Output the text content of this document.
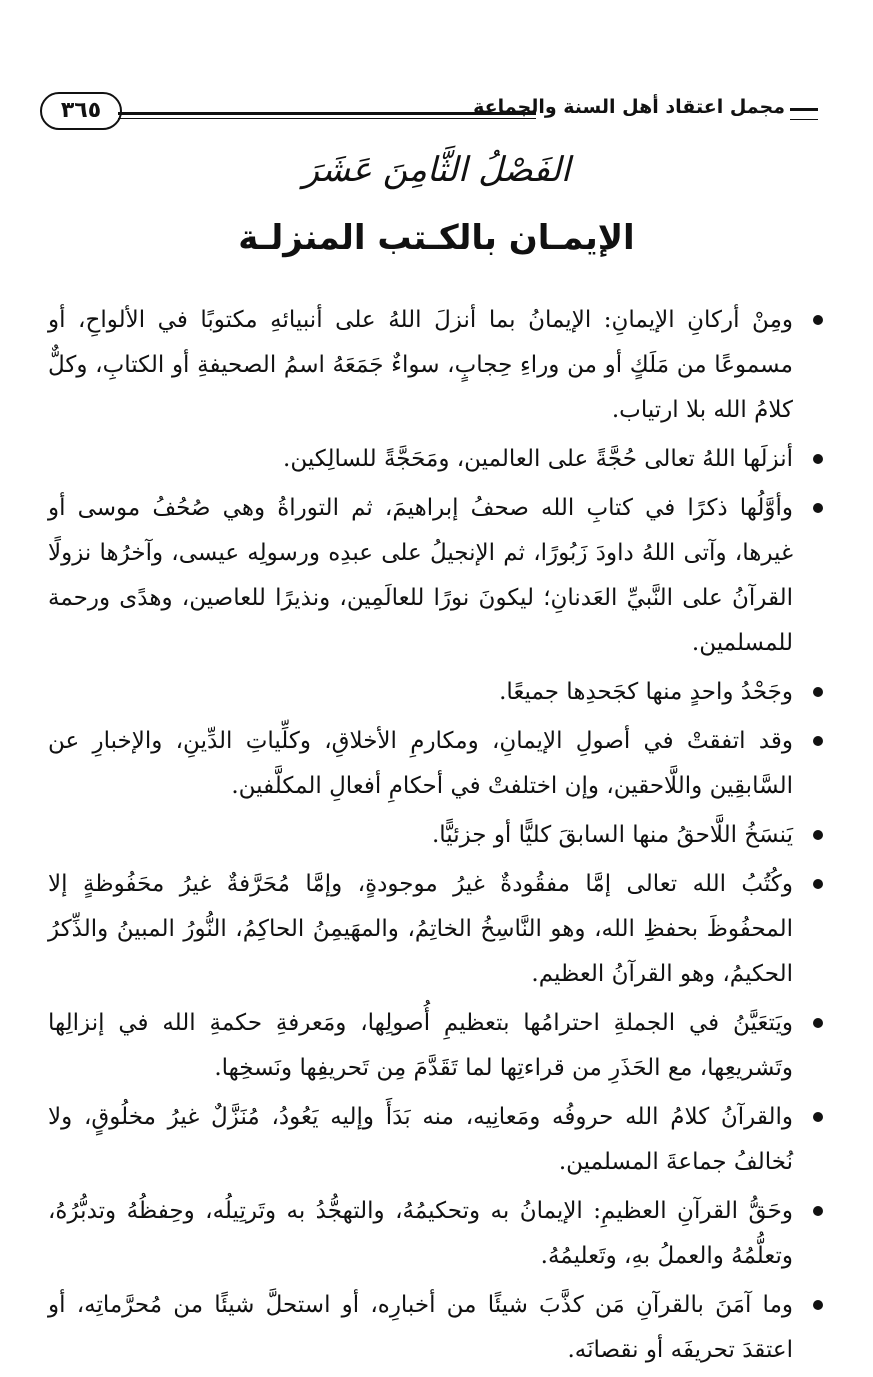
٣٦٥	مجمل اعتقاد أهل السنة والجماعة
الفَصْلُ الثَّامِنَ عَشَرَ
الإيمـان بالكـتب المنزلـة
ومِنْ أركانِ الإيمانِ: الإيمانُ بما أنزلَ اللهُ على أنبيائهِ مكتوبًا في الألواحِ، أو مسموعًا من مَلَكٍ أو من وراءِ حِجابٍ، سواءٌ جَمَعَهُ اسمُ الصحيفةِ أو الكتابِ، وكلٌّ كلامُ الله بلا ارتياب.
أنزلَها اللهُ تعالى حُجَّةً على العالمين، ومَحَجَّةً للسالِكين.
وأوَّلُها ذكرًا في كتابِ الله صحفُ إبراهيمَ، ثم التوراةُ وهي صُحُفُ موسى أو غيرها، وآتى اللهُ داودَ زَبُورًا، ثم الإنجيلُ على عبدِه ورسولِه عيسى، وآخرُها نزولًا القرآنُ على النَّبيِّ العَدنانِ؛ ليكونَ نورًا للعالَمِين، ونذيرًا للعاصين، وهدًى ورحمة للمسلمين.
وجَحْدُ واحدٍ منها كجَحدِها جميعًا.
وقد اتفقتْ في أصولِ الإيمانِ، ومكارمِ الأخلاقِ، وكلِّياتِ الدِّينِ، والإخبارِ عن السَّابقِين واللَّاحقين، وإن اختلفتْ في أحكامِ أفعالِ المكلَّفين.
يَنسَخُ اللَّاحقُ منها السابقَ كليًّا أو جزئيًّا.
وكُتُبُ الله تعالى إمَّا مفقُودةٌ غيرُ موجودةٍ، وإمَّا مُحَرَّفةٌ غيرُ محَفُوظةٍ إلا المحفُوظَ بحفظِ الله، وهو النَّاسِخُ الخاتِمُ، والمهَيمِنُ الحاكِمُ، النُّورُ المبينُ والذِّكرُ الحكيمُ، وهو القرآنُ العظيم.
ويَتعَيَّنُ في الجملةِ احترامُها بتعظيمِ أُصولِها، ومَعرفةِ حكمةِ الله في إنزالِها وتَشريعِها، مع الحَذَرِ من قراءتِها لما تَقَدَّمَ مِن تَحريفِها ونَسخِها.
والقرآنُ كلامُ الله حروفُه ومَعانِيه، منه بَدَأَ وإليه يَعُودُ، مُنَزَّلٌ غيرُ مخلُوقٍ، ولا نُخالفُ جماعةَ المسلمين.
وحَقُّ القرآنِ العظيمِ: الإيمانُ به وتحكيمُهُ، والتهجُّدُ به وتَرتِيلُه، وحِفظُهُ وتدبُّرُهُ، وتعلُّمُهُ والعملُ بهِ، وتَعليمُهُ.
وما آمَنَ بالقرآنِ مَن كذَّبَ شيئًا من أخبارِه، أو استحلَّ شيئًا من مُحرَّماتِه، أو اعتقدَ تحريفَه أو نقصانَه.
